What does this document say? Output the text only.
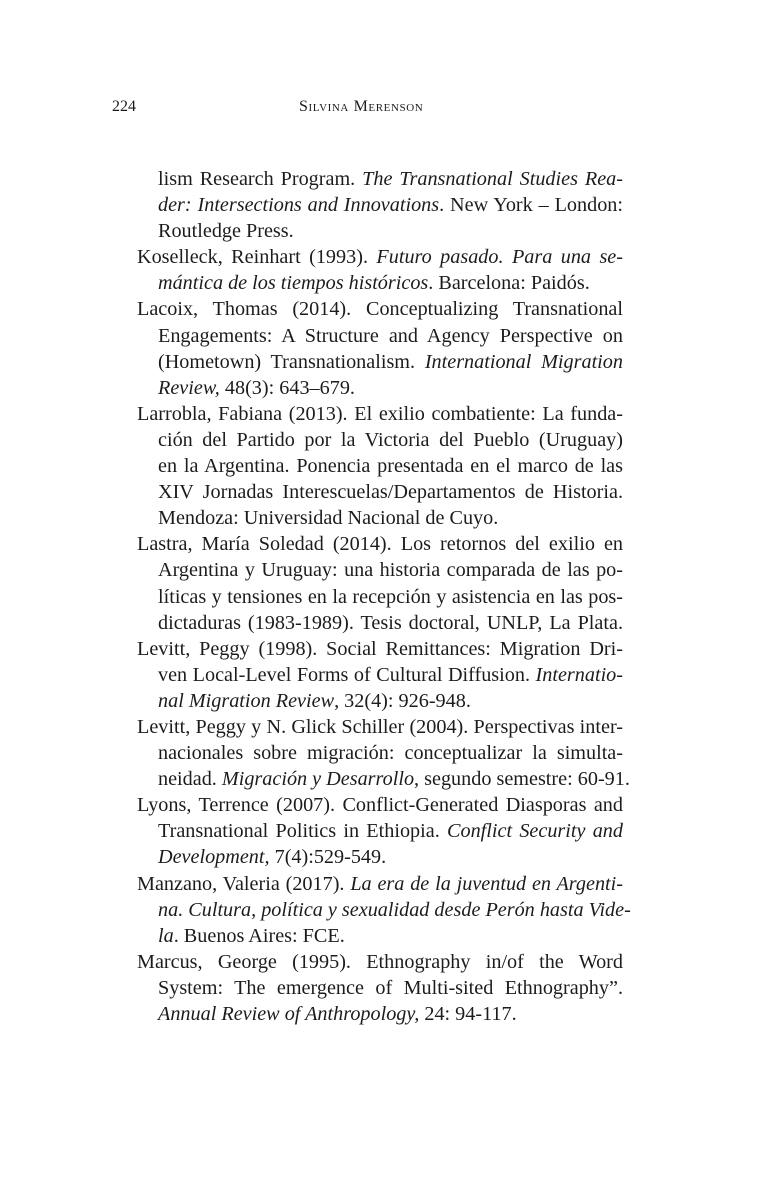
224	Silvina Merenson

lism Research Program. The Transnational Studies Rea-
der: Intersections and Innovations. New York – London:
Routledge Press.

Koselleck, Reinhart (1993). Futuro pasado. Para una se-
mántica de los tiempos históricos. Barcelona: Paidós.

Lacoix, Thomas (2014). Conceptualizing Transnational
Engagements: A Structure and Agency Perspective on
(Hometown) Transnationalism. International Migration
Review, 48(3): 643–679.

Larrobla, Fabiana (2013). El exilio combatiente: La funda-
ción del Partido por la Victoria del Pueblo (Uruguay)
en la Argentina. Ponencia presentada en el marco de las
XIV Jornadas Interescuelas/Departamentos de Historia.
Mendoza: Universidad Nacional de Cuyo.

Lastra, María Soledad (2014). Los retornos del exilio en
Argentina y Uruguay: una historia comparada de las po-
líticas y tensiones en la recepción y asistencia en las pos-
dictaduras (1983-1989). Tesis doctoral, UNLP, La Plata.

Levitt, Peggy (1998). Social Remittances: Migration Dri-
ven Local-Level Forms of Cultural Diffusion. Internatio-
nal Migration Review, 32(4): 926-948.

Levitt, Peggy y N. Glick Schiller (2004). Perspectivas inter-
nacionales sobre migración: conceptualizar la simulta-
neidad. Migración y Desarrollo, segundo semestre: 60-91.

Lyons, Terrence (2007). Conflict-Generated Diasporas and
Transnational Politics in Ethiopia. Conflict Security and
Development, 7(4):529-549.

Manzano, Valeria (2017). La era de la juventud en Argenti-
na. Cultura, política y sexualidad desde Perón hasta Vide-
la. Buenos Aires: FCE.

Marcus, George (1995). Ethnography in/of the Word
System: The emergence of Multi-sited Ethnography”.
Annual Review of Anthropology, 24: 94-117.
